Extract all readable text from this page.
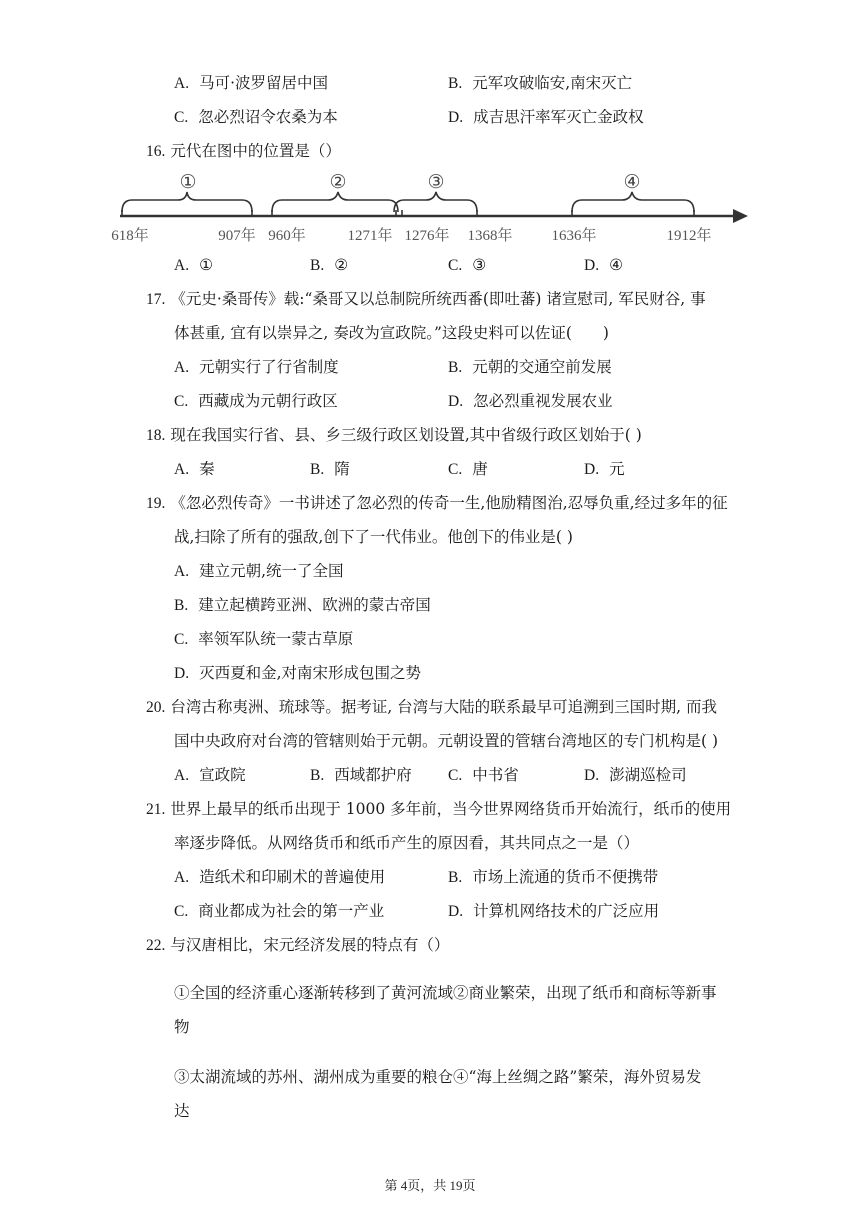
A. 马可·波罗留居中国	B. 元军攻破临安,南宋灭亡
C. 忽必烈诏令农桑为本	D. 成吉思汗率军灭亡金政权
16. 元代在图中的位置是（）
①	②	③	④
618年	907年 960年	1271年 1276年 1368年	1636年	1912年
A. ①	B. ②	C. ③	D. ④
17. 《元史·桑哥传》载:“桑哥又以总制院所统西番(即吐蕃) 诸宣慰司, 军民财谷, 事
体甚重, 宜有以崇异之, 奏改为宣政院。”这段史料可以佐证(　　)
A. 元朝实行了行省制度	B. 元朝的交通空前发展
C. 西藏成为元朝行政区	D. 忽必烈重视发展农业
18. 现在我国实行省、县、乡三级行政区划设置,其中省级行政区划始于( )
A. 秦	B. 隋	C. 唐	D. 元
19. 《忽必烈传奇》一书讲述了忽必烈的传奇一生,他励精图治,忍辱负重,经过多年的征
战,扫除了所有的强敌,创下了一代伟业。他创下的伟业是( )
A. 建立元朝,统一了全国
B. 建立起横跨亚洲、欧洲的蒙古帝国
C. 率领军队统一蒙古草原
D. 灭西夏和金,对南宋形成包围之势
20. 台湾古称夷洲、琉球等。据考证, 台湾与大陆的联系最早可追溯到三国时期, 而我
国中央政府对台湾的管辖则始于元朝。元朝设置的管辖台湾地区的专门机构是( )
A. 宣政院	B. 西域都护府 C. 中书省	D. 澎湖巡检司
21. 世界上最早的纸币出现于 1000 多年前，当今世界网络货币开始流行，纸币的使用
率逐步降低。从网络货币和纸币产生的原因看，其共同点之一是（）
A. 造纸术和印刷术的普遍使用	B. 市场上流通的货币不便携带
C. 商业都成为社会的第一产业	D. 计算机网络技术的广泛应用
22. 与汉唐相比，宋元经济发展的特点有（）
①全国的经济重心逐渐转移到了黄河流域②商业繁荣，出现了纸币和商标等新事
物
③太湖流域的苏州、湖州成为重要的粮仓④“海上丝绸之路”繁荣，海外贸易发
达
第 4页，共 19页
